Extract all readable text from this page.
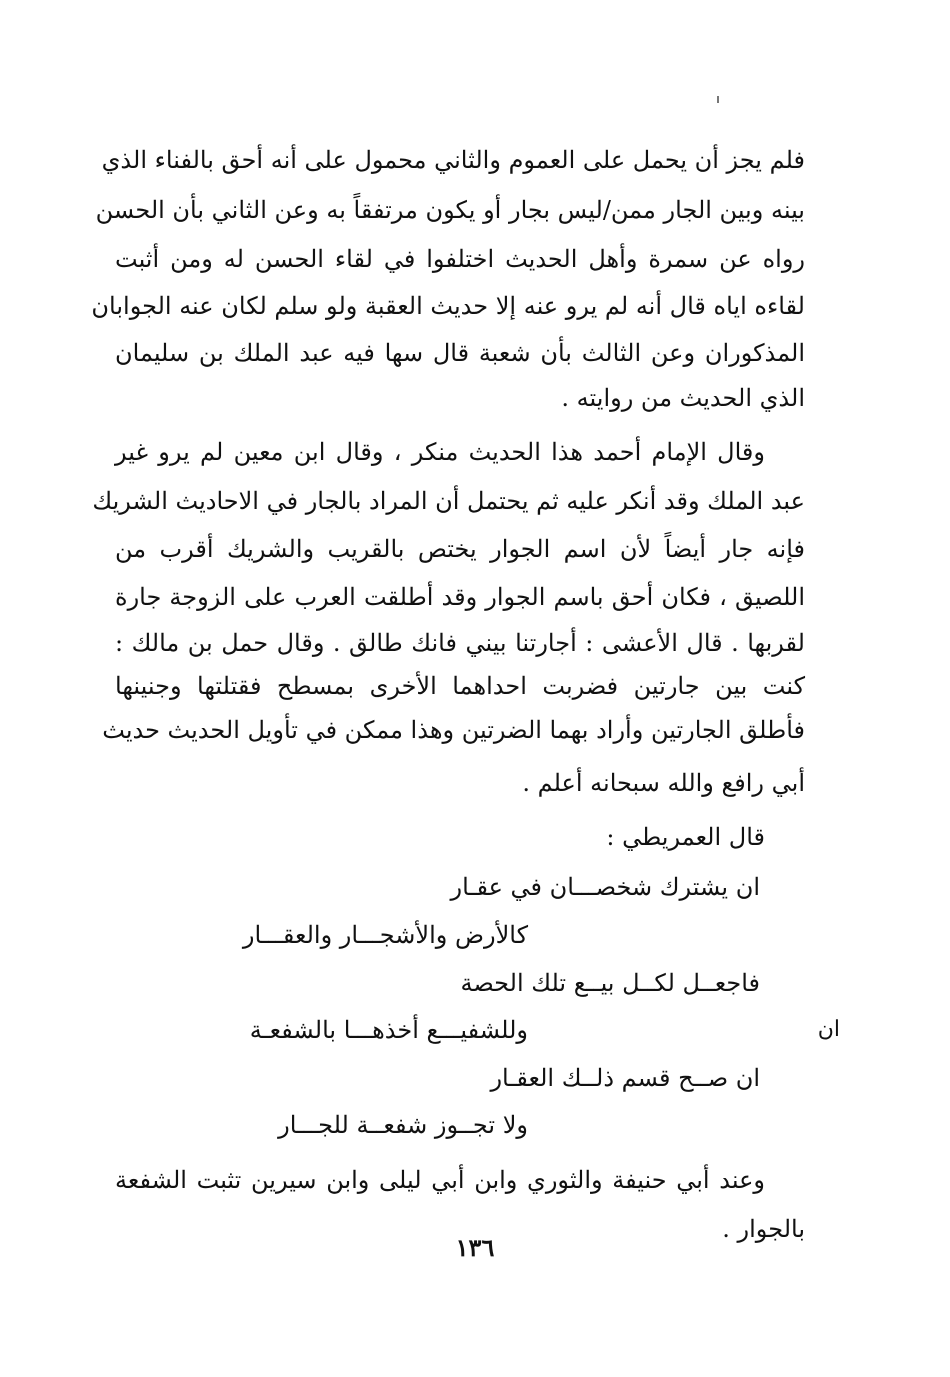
فلم يجز أن يحمل على العموم والثاني محمول على أنه أحق بالفناء الذي
بينه وبين الجار ممن/ليس بجار أو يكون مرتفقاً به وعن الثاني بأن الحسن
رواه عن سمرة وأهل الحديث اختلفوا في لقاء الحسن له ومن أثبت
لقاءه اياه قال أنه لم يرو عنه إلا حديث العقبة ولو سلم لكان عنه الجوابان
المذكوران وعن الثالث بأن شعبة قال سها فيه عبد الملك بن سليمان
الذي الحديث من روايته .
وقال الإمام أحمد هذا الحديث منكر ، وقال ابن معين لم يرو غير
عبد الملك وقد أنكر عليه ثم يحتمل أن المراد بالجار في الاحاديث الشريك
فإنه جار أيضاً لأن اسم الجوار يختص بالقريب والشريك أقرب من
اللصيق ، فكان أحق باسم الجوار وقد أطلقت العرب على الزوجة جارة
لقربها . قال الأعشى : أجارتنا بيني فانك طالق . وقال حمل بن مالك :
كنت بين جارتين فضربت احداهما الأخرى بمسطح فقتلتها وجنينها
فأطلق الجارتين وأراد بهما الضرتين وهذا ممكن في تأويل الحديث حديث
أبي رافع والله سبحانه أعلم .
قال العمريطي :
ان يشترك شخصـــان في عقـار
كالأرض والأشجـــار والعقـــار
فاجعــل لكــل بيــع تلك الحصة
وللشفيـــع أخذهـــا بالشفعـة
ان صــح قسم ذلــك العقـار
ولا تجــوز شفعــة للجـــار
ان
وعند أبي حنيفة والثوري وابن أبي ليلى وابن سيرين تثبت الشفعة
بالجوار .
١٣٦
